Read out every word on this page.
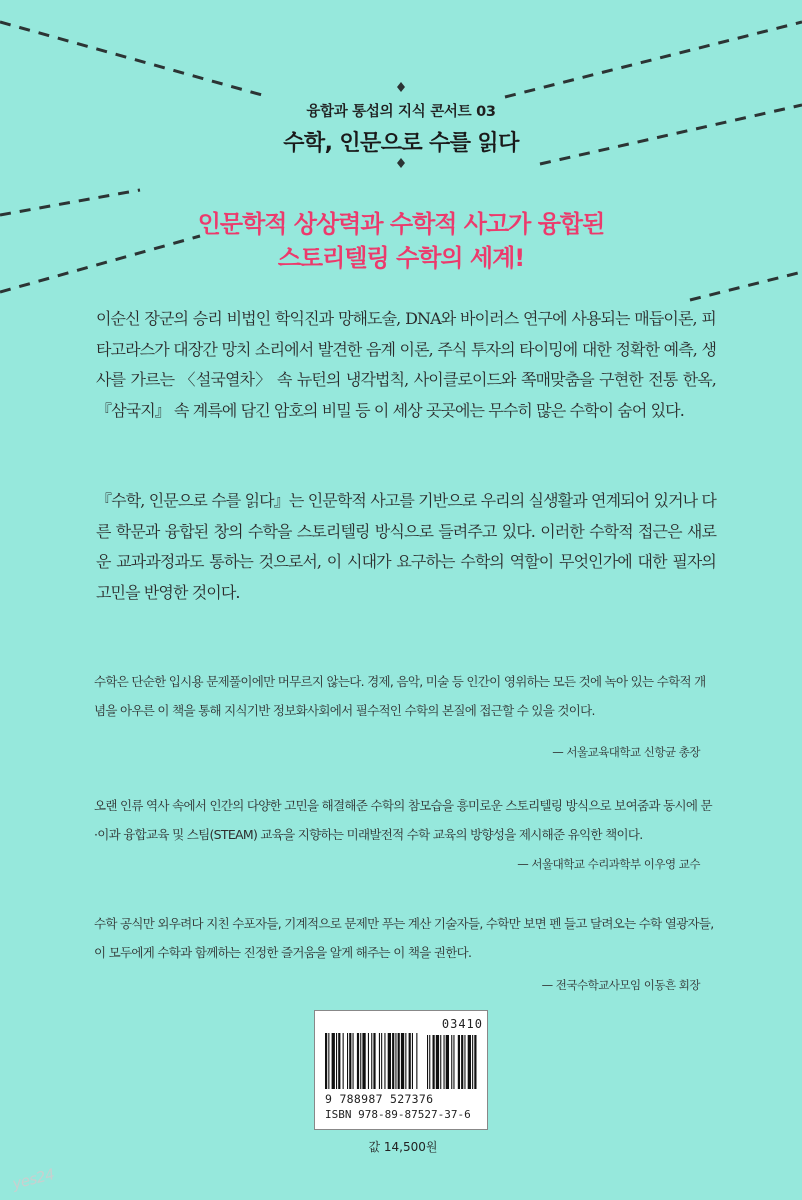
융합과 통섭의 지식 콘서트 03
수학, 인문으로 수를 읽다
인문학적 상상력과 수학적 사고가 융합된
스토리텔링 수학의 세계!

이순신 장군의 승리 비법인 학익진과 망해도술, DNA와 바이러스 연구에 사용되는 매듭이론, 피타고라스가 대장간 망치 소리에서 발견한 음계 이론, 주식 투자의 타이밍에 대한 정확한 예측, 생사를 가르는 〈설국열차〉 속 뉴턴의 냉각법칙, 사이클로이드와 쪽매맞춤을 구현한 전통 한옥, 『삼국지』 속 계륵에 담긴 암호의 비밀 등 이 세상 곳곳에는 무수히 많은 수학이 숨어 있다.

『수학, 인문으로 수를 읽다』는 인문학적 사고를 기반으로 우리의 실생활과 연계되어 있거나 다른 학문과 융합된 창의 수학을 스토리텔링 방식으로 들려주고 있다. 이러한 수학적 접근은 새로운 교과과정과도 통하는 것으로서, 이 시대가 요구하는 수학의 역할이 무엇인가에 대한 필자의 고민을 반영한 것이다.

수학은 단순한 입시용 문제풀이에만 머무르지 않는다. 경제, 음악, 미술 등 인간이 영위하는 모든 것에 녹아 있는 수학적 개념을 아우른 이 책을 통해 지식기반 정보화사회에서 필수적인 수학의 본질에 접근할 수 있을 것이다.

— 서울교육대학교 신항균 총장

오랜 인류 역사 속에서 인간의 다양한 고민을 해결해준 수학의 참모습을 흥미로운 스토리텔링 방식으로 보여줌과 동시에 문·이과 융합교육 및 스팀(STEAM) 교육을 지향하는 미래발전적 수학 교육의 방향성을 제시해준 유익한 책이다.

— 서울대학교 수리과학부 이우영 교수

수학 공식만 외우려다 지친 수포자들, 기계적으로 문제만 푸는 계산 기술자들, 수학만 보면 펜 들고 달려오는 수학 열광자들, 이 모두에게 수학과 함께하는 진정한 즐거움을 알게 해주는 이 책을 권한다.

— 전국수학교사모임 이동흔 회장
03410
9 788987 527376
ISBN 978-89-87527-37-6
값 14,500원
yes24
